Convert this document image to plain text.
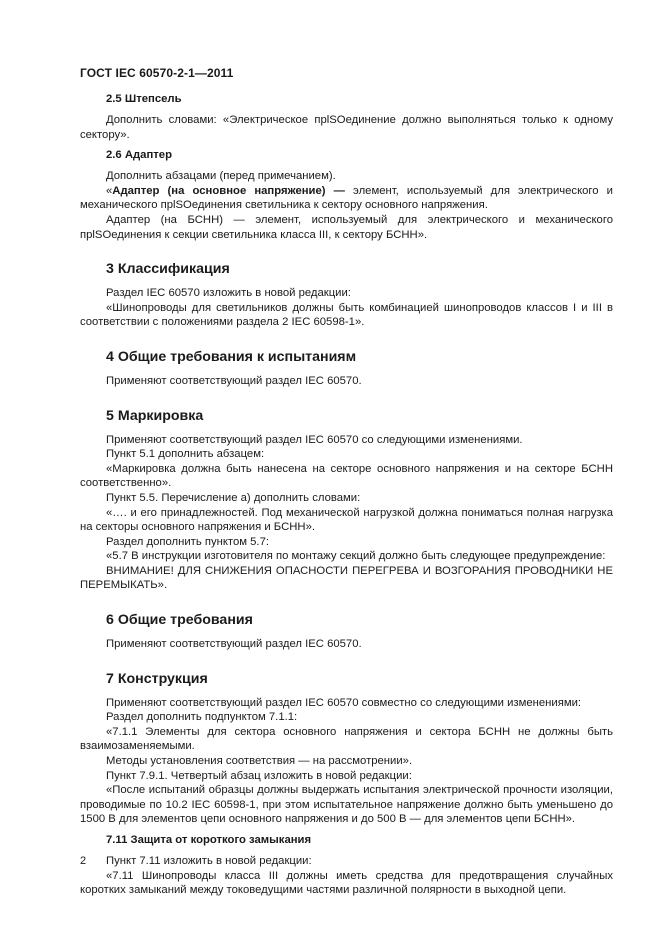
ГОСТ IEC 60570-2-1—2011

2.5 Штепсель

Дополнить словами: «Электрическое прlSОединение должно выполняться только к одному сектору».

2.6 Адаптер

Дополнить абзацами (перед примечанием).

«Адаптер (на основное напряжение) — элемент, используемый для электрического и механического прlSОединения светильника к сектору основного напряжения.

Адаптер (на БСНН) — элемент, используемый для электрического и механического прlSОединения к секции светильника класса III, к сектору БСНН».

3 Классификация

Раздел IEC 60570 изложить в новой редакции:

«Шинопроводы для светильников должны быть комбинацией шинопроводов классов I и III в соответствии с положениями раздела 2 IEC 60598-1».

4 Общие требования к испытаниям

Применяют соответствующий раздел IEC 60570.

5 Маркировка

Применяют соответствующий раздел IEC 60570 со следующими изменениями.

Пункт 5.1 дополнить абзацем:

«Маркировка должна быть нанесена на секторе основного напряжения и на секторе БСНН соответственно».

Пункт 5.5. Перечисление а) дополнить словами:

«…. и его принадлежностей. Под механической нагрузкой должна пониматься полная нагрузка на секторы основного напряжения и БСНН».

Раздел дополнить пунктом 5.7:

«5.7 В инструкции изготовителя по монтажу секций должно быть следующее предупреждение:

ВНИМАНИЕ! ДЛЯ СНИЖЕНИЯ ОПАСНОСТИ ПЕРЕГРЕВА И ВОЗГОРАНИЯ ПРОВОДНИКИ НЕ ПЕРЕМЫКАТЬ».

6 Общие требования

Применяют соответствующий раздел IEC 60570.

7 Конструкция

Применяют соответствующий раздел IEC 60570 совместно со следующими изменениями:

Раздел дополнить подпунктом 7.1.1:

«7.1.1 Элементы для сектора основного напряжения и сектора БСНН не должны быть взаимозаменяемыми.

Методы установления соответствия — на рассмотрении».

Пункт 7.9.1. Четвертый абзац изложить в новой редакции:

«После испытаний образцы должны выдержать испытания электрической прочности изоляции, проводимые по 10.2 IEC 60598-1, при этом испытательное напряжение должно быть уменьшено до 1500 В для элементов цепи основного напряжения и до 500 В — для элементов цепи БСНН».

7.11 Защита от короткого замыкания

Пункт 7.11 изложить в новой редакции:

«7.11 Шинопроводы класса III должны иметь средства для предотвращения случайных коротких замыканий между токоведущими частями различной полярности в выходной цепи.

2
